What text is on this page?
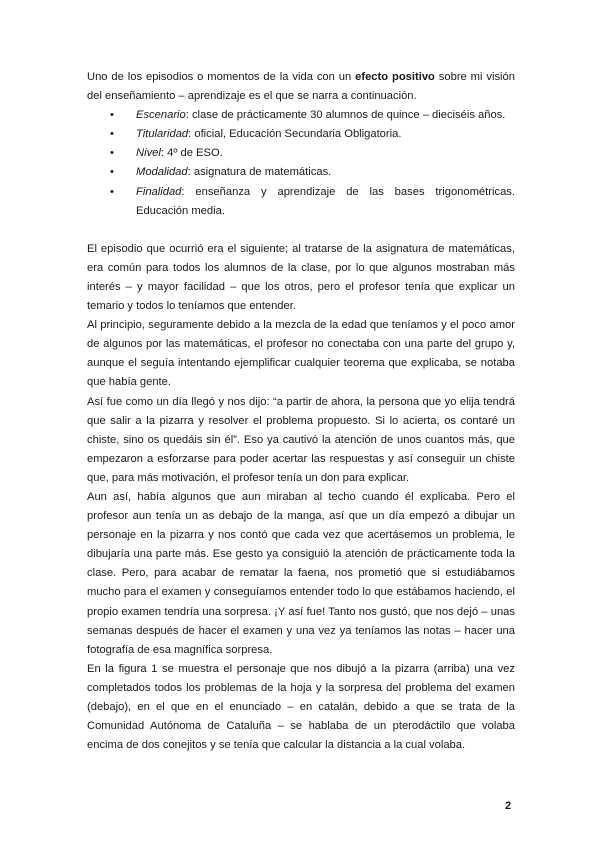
Uno de los episodios o momentos de la vida con un efecto positivo sobre mi visión del enseñamiento – aprendizaje es el que se narra a continuación.

• Escenario: clase de prácticamente 30 alumnos de quince – dieciséis años.
• Titularidad: oficial, Educación Secundaria Obligatoria.
• Nivel: 4º de ESO.
• Modalidad: asignatura de matemáticas.
• Finalidad: enseñanza y aprendizaje de las bases trigonométricas. Educación media.

El episodio que ocurrió era el siguiente; al tratarse de la asignatura de matemáticas, era común para todos los alumnos de la clase, por lo que algunos mostraban más interés – y mayor facilidad – que los otros, pero el profesor tenía que explicar un temario y todos lo teníamos que entender.

Al principio, seguramente debido a la mezcla de la edad que teníamos y el poco amor de algunos por las matemáticas, el profesor no conectaba con una parte del grupo y, aunque el seguía intentando ejemplificar cualquier teorema que explicaba, se notaba que había gente.

Así fue como un día llegó y nos dijo: “a partir de ahora, la persona que yo elija tendrá que salir a la pizarra y resolver el problema propuesto. Si lo acierta, os contaré un chiste, sino os quedáis sin él”. Eso ya cautivó la atención de unos cuantos más, que empezaron a esforzarse para poder acertar las respuestas y así conseguir un chiste que, para más motivación, el profesor tenía un don para explicar.

Aun así, había algunos que aun miraban al techo cuando él explicaba. Pero el profesor aun tenía un as debajo de la manga, así que un día empezó a dibujar un personaje en la pizarra y nos contó que cada vez que acertásemos un problema, le dibujaría una parte más. Ese gesto ya consiguió la atención de prácticamente toda la clase. Pero, para acabar de rematar la faena, nos prometió que si estudiábamos mucho para el examen y conseguíamos entender todo lo que estábamos haciendo, el propio examen tendría una sorpresa. ¡Y así fue! Tanto nos gustó, que nos dejó – unas semanas después de hacer el examen y una vez ya teníamos las notas – hacer una fotografía de esa magnífica sorpresa.

En la figura 1 se muestra el personaje que nos dibujó a la pizarra (arriba) una vez completados todos los problemas de la hoja y la sorpresa del problema del examen (debajo), en el que en el enunciado – en catalán, debido a que se trata de la Comunidad Autónoma de Cataluña – se hablaba de un pterodáctilo que volaba encima de dos conejitos y se tenía que calcular la distancia a la cual volaba.

2
